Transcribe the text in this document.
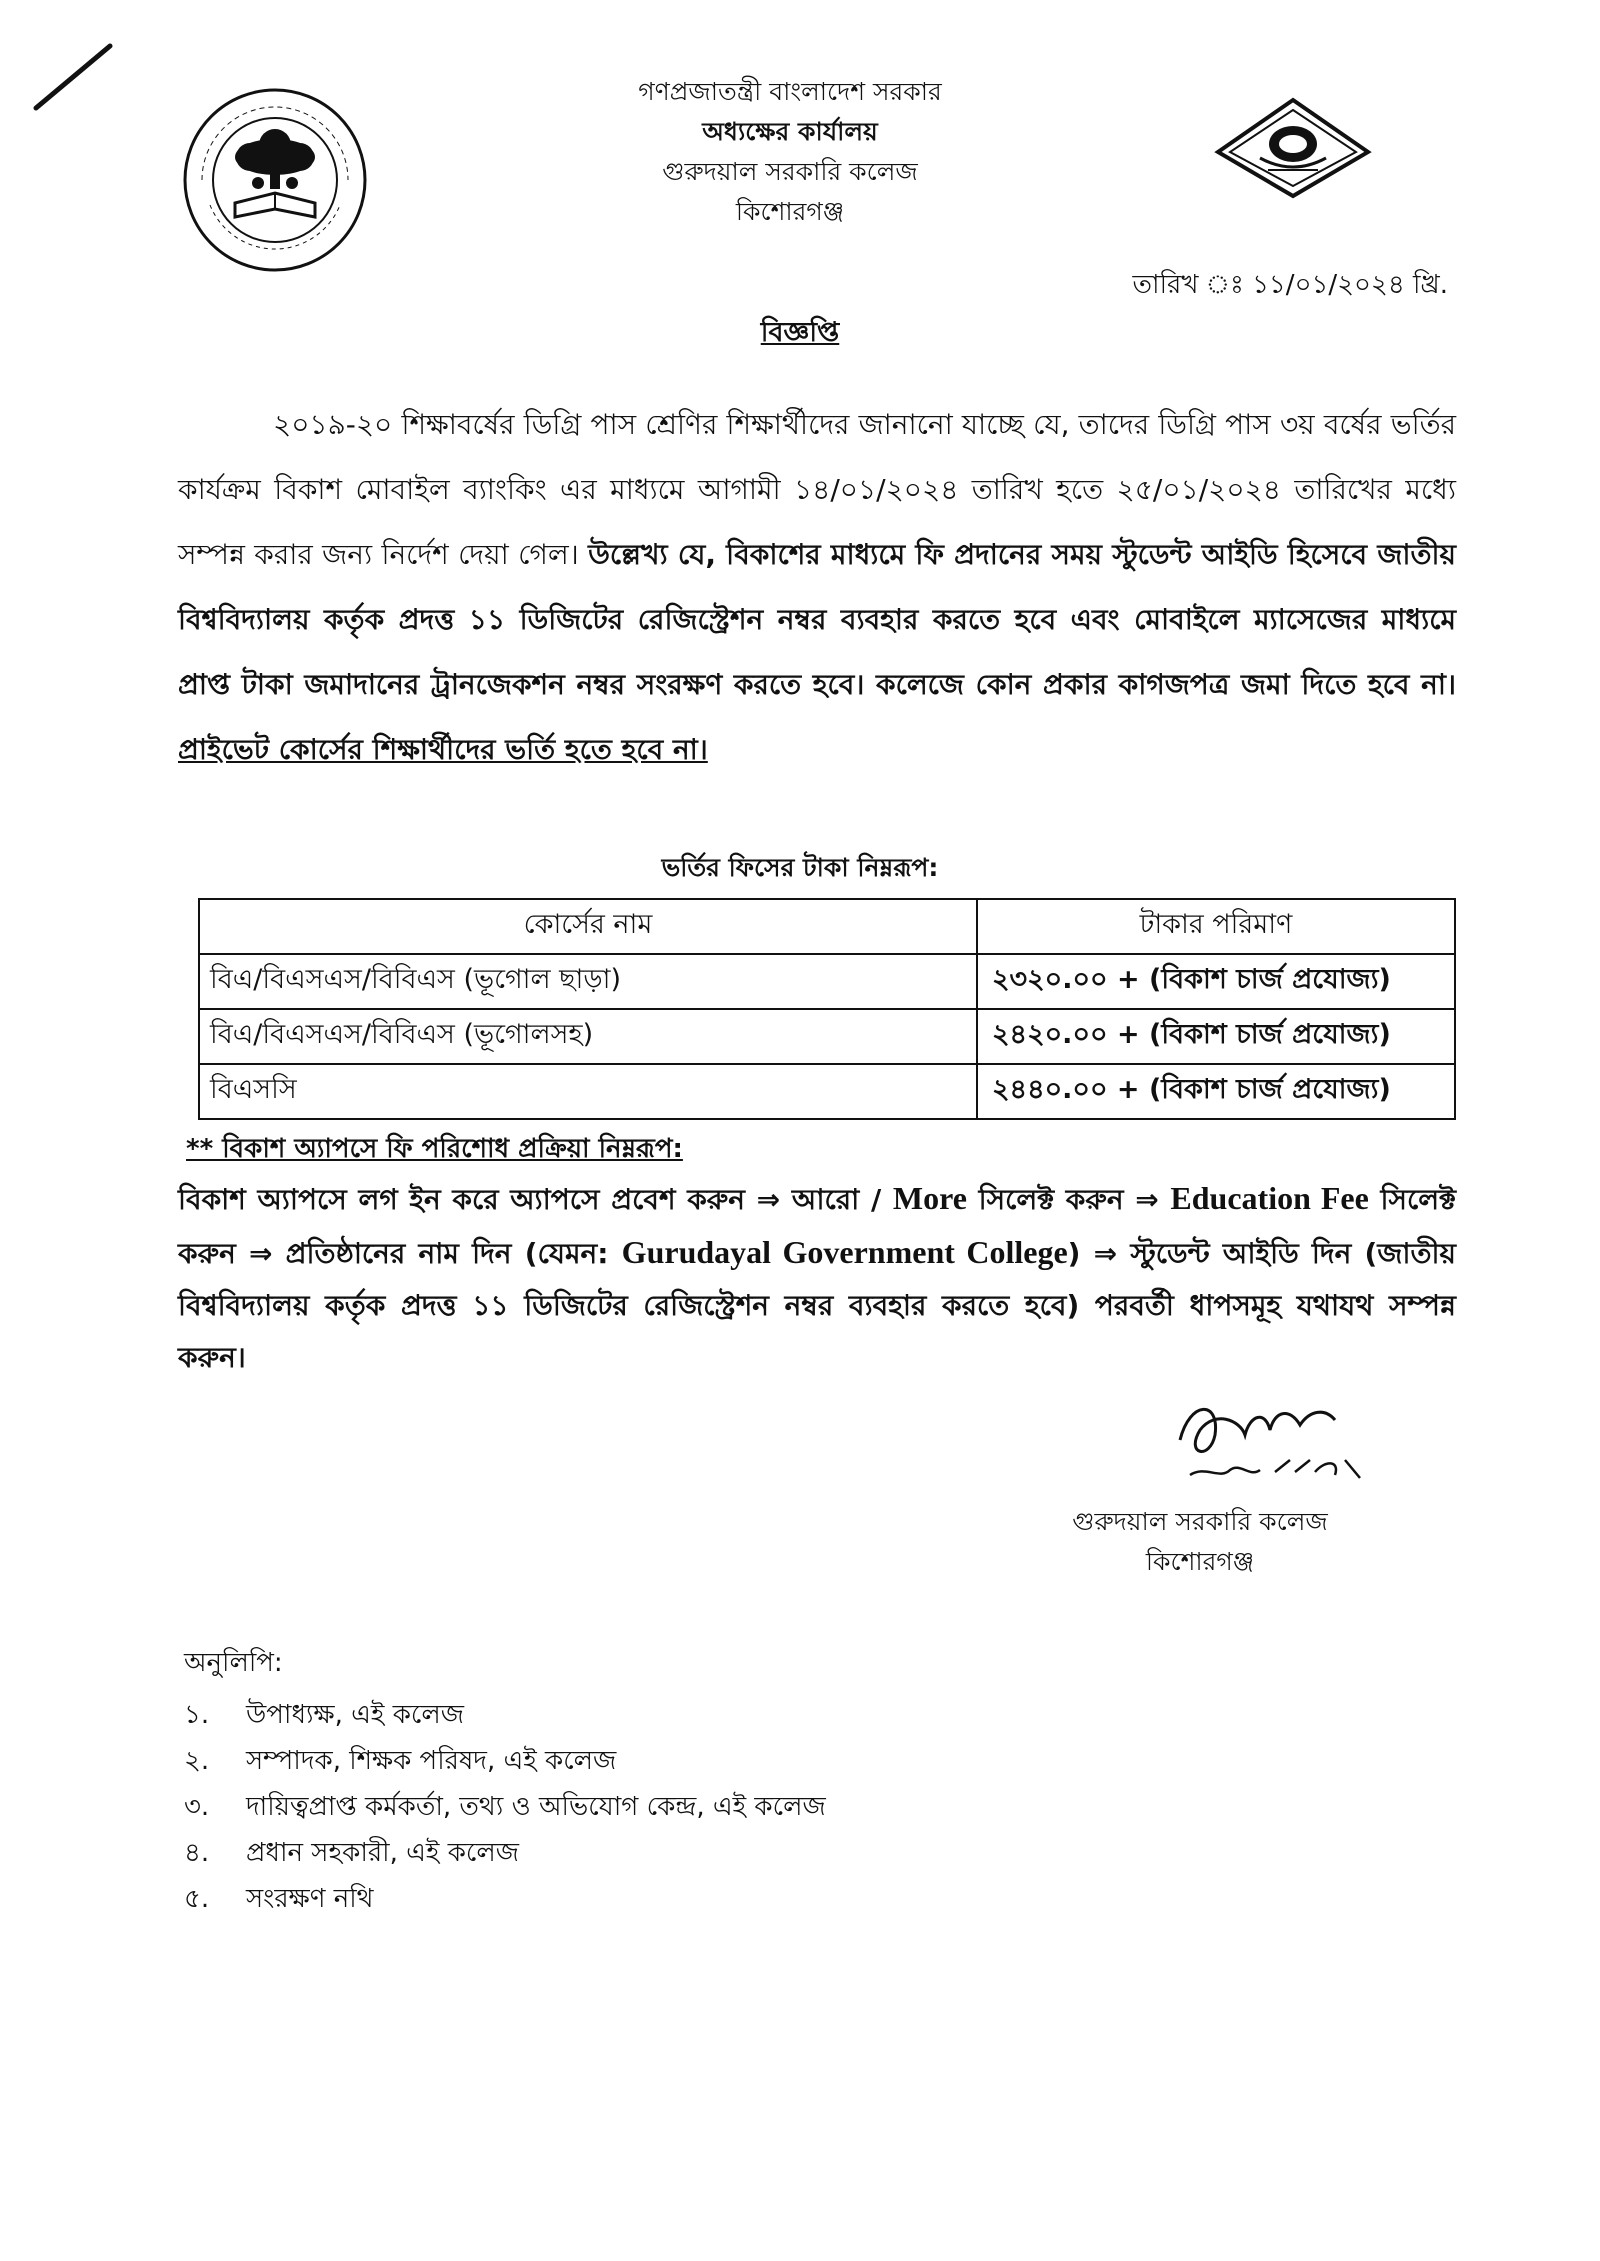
গণপ্রজাতন্ত্রী বাংলাদেশ সরকার
অধ্যক্ষের কার্যালয়
গুরুদয়াল সরকারি কলেজ
কিশোরগঞ্জ
তারিখ ঃ ১১/০১/২০২৪ খ্রি.
বিজ্ঞপ্তি
২০১৯-২০ শিক্ষাবর্ষের ডিগ্রি পাস শ্রেণির শিক্ষার্থীদের জানানো যাচ্ছে যে, তাদের ডিগ্রি পাস ৩য় বর্ষের ভর্তির কার্যক্রম বিকাশ মোবাইল ব্যাংকিং এর মাধ্যমে আগামী ১৪/০১/২০২৪ তারিখ হতে ২৫/০১/২০২৪ তারিখের মধ্যে সম্পন্ন করার জন্য নির্দেশ দেয়া গেল। উল্লেখ্য যে, বিকাশের মাধ্যমে ফি প্রদানের সময় স্টুডেন্ট আইডি হিসেবে জাতীয় বিশ্ববিদ্যালয় কর্তৃক প্রদত্ত ১১ ডিজিটের রেজিস্ট্রেশন নম্বর ব্যবহার করতে হবে এবং মোবাইলে ম্যাসেজের মাধ্যমে প্রাপ্ত টাকা জমাদানের ট্রানজেকশন নম্বর সংরক্ষণ করতে হবে। কলেজে কোন প্রকার কাগজপত্র জমা দিতে হবে না। প্রাইভেট কোর্সের শিক্ষার্থীদের ভর্তি হতে হবে না।
ভর্তির ফিসের টাকা নিম্নরূপ:
কোর্সের নাম	টাকার পরিমাণ
বিএ/বিএসএস/বিবিএস (ভূগোল ছাড়া)	২৩২০.০০ + (বিকাশ চার্জ প্রযোজ্য)
বিএ/বিএসএস/বিবিএস (ভূগোলসহ)	২৪২০.০০ + (বিকাশ চার্জ প্রযোজ্য)
বিএসসি	২৪৪০.০০ + (বিকাশ চার্জ প্রযোজ্য)
** বিকাশ অ্যাপসে ফি পরিশোধ প্রক্রিয়া নিম্নরূপ:
বিকাশ অ্যাপসে লগ ইন করে অ্যাপসে প্রবেশ করুন ⇒ আরো / More সিলেক্ট করুন ⇒ Education Fee সিলেক্ট করুন ⇒ প্রতিষ্ঠানের নাম দিন (যেমন: Gurudayal Government College) ⇒ স্টুডেন্ট আইডি দিন (জাতীয় বিশ্ববিদ্যালয় কর্তৃক প্রদত্ত ১১ ডিজিটের রেজিস্ট্রেশন নম্বর ব্যবহার করতে হবে) পরবর্তী ধাপসমূহ যথাযথ সম্পন্ন করুন।
গুরুদয়াল সরকারি কলেজ
কিশোরগঞ্জ
অনুলিপি:
১. উপাধ্যক্ষ, এই কলেজ
২. সম্পাদক, শিক্ষক পরিষদ, এই কলেজ
৩. দায়িত্বপ্রাপ্ত কর্মকর্তা, তথ্য ও অভিযোগ কেন্দ্র, এই কলেজ
৪. প্রধান সহকারী, এই কলেজ
৫. সংরক্ষণ নথি
